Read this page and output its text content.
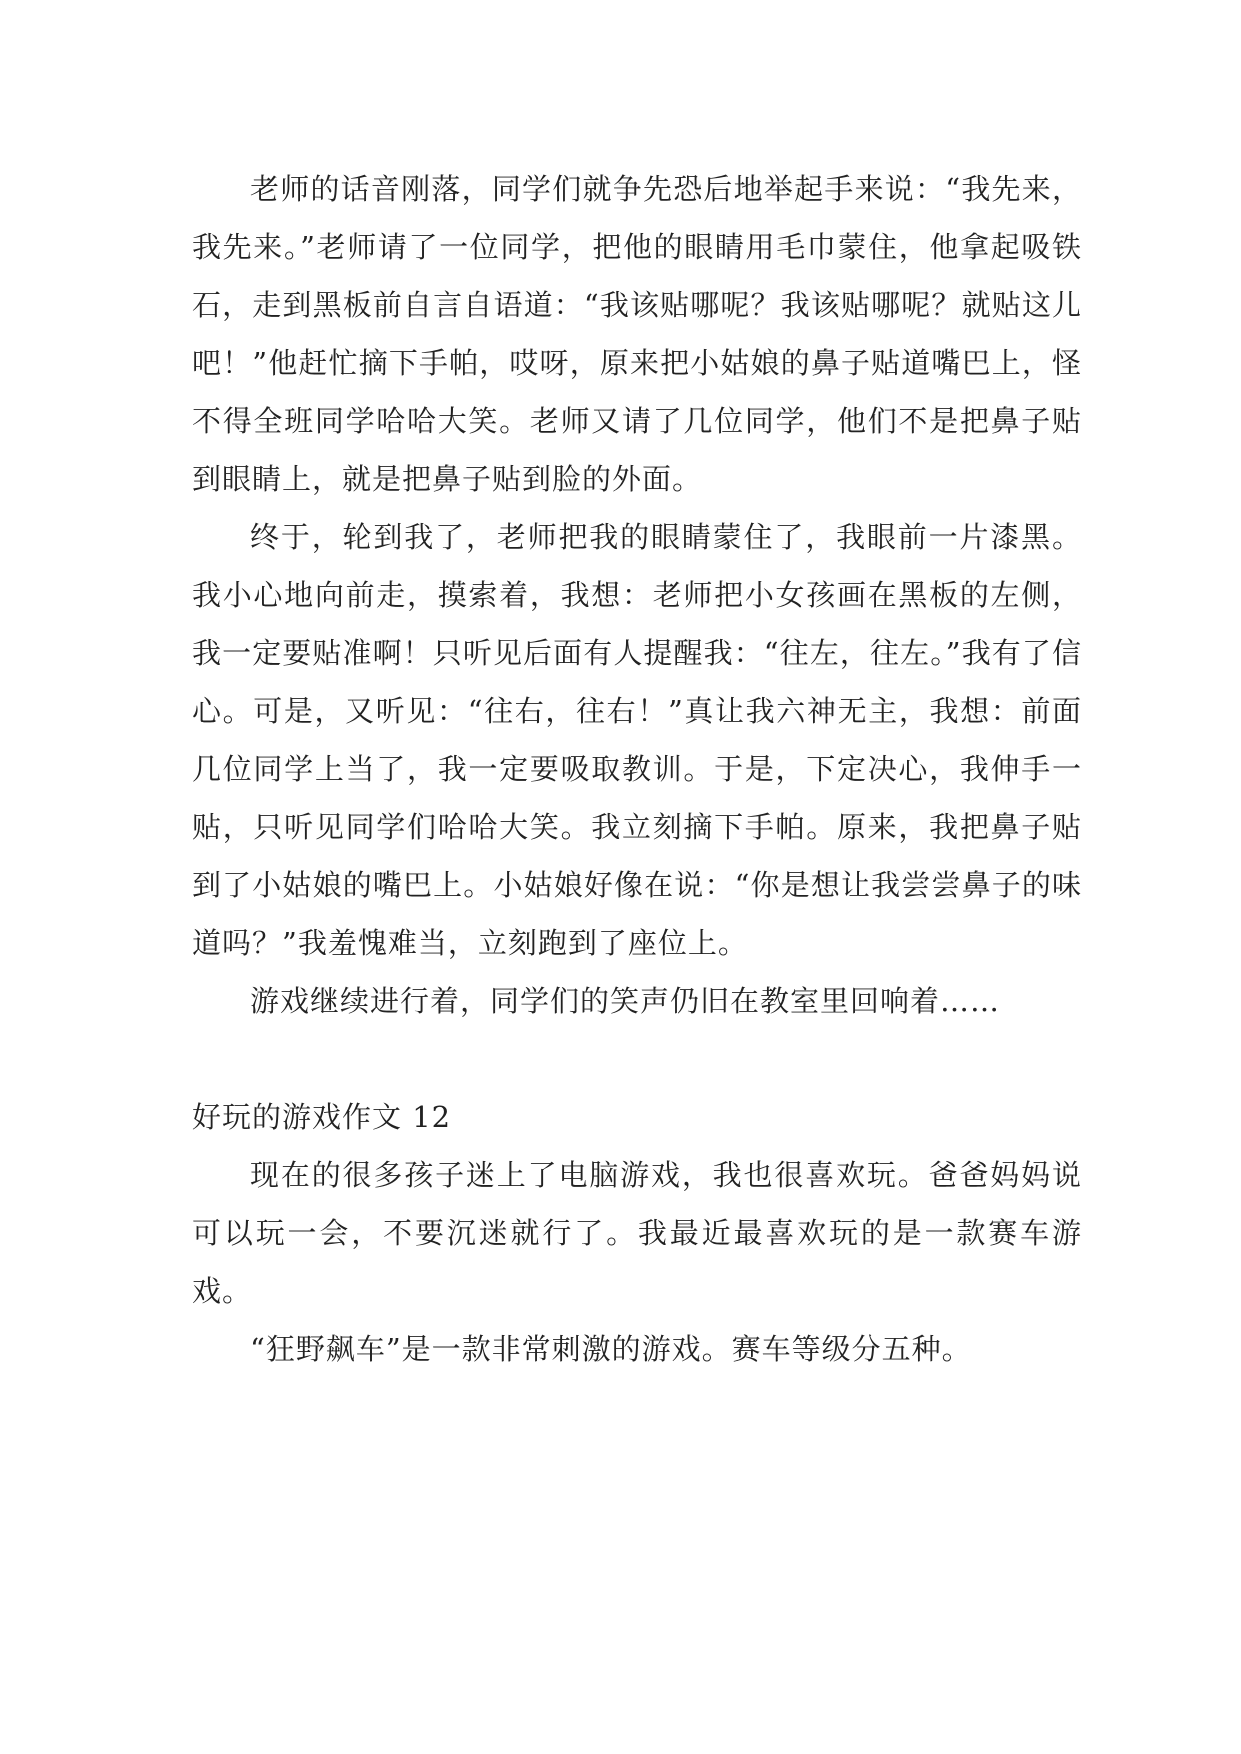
老师的话音刚落，同学们就争先恐后地举起手来说：“我先来，我先来。”老师请了一位同学，把他的眼睛用毛巾蒙住，他拿起吸铁石，走到黑板前自言自语道：“我该贴哪呢？我该贴哪呢？就贴这儿吧！”他赶忙摘下手帕，哎呀，原来把小姑娘的鼻子贴道嘴巴上，怪不得全班同学哈哈大笑。老师又请了几位同学，他们不是把鼻子贴到眼睛上，就是把鼻子贴到脸的外面。

终于，轮到我了，老师把我的眼睛蒙住了，我眼前一片漆黑。我小心地向前走，摸索着，我想：老师把小女孩画在黑板的左侧，我一定要贴准啊！只听见后面有人提醒我：“往左，往左。”我有了信心。可是，又听见：“往右，往右！”真让我六神无主，我想：前面几位同学上当了，我一定要吸取教训。于是，下定决心，我伸手一贴，只听见同学们哈哈大笑。我立刻摘下手帕。原来，我把鼻子贴到了小姑娘的嘴巴上。小姑娘好像在说：“你是想让我尝尝鼻子的味道吗？”我羞愧难当，立刻跑到了座位上。

游戏继续进行着，同学们的笑声仍旧在教室里回响着……

好玩的游戏作文 12

现在的很多孩子迷上了电脑游戏，我也很喜欢玩。爸爸妈妈说可以玩一会，不要沉迷就行了。我最近最喜欢玩的是一款赛车游戏。

“狂野飙车”是一款非常刺激的游戏。赛车等级分五种。
